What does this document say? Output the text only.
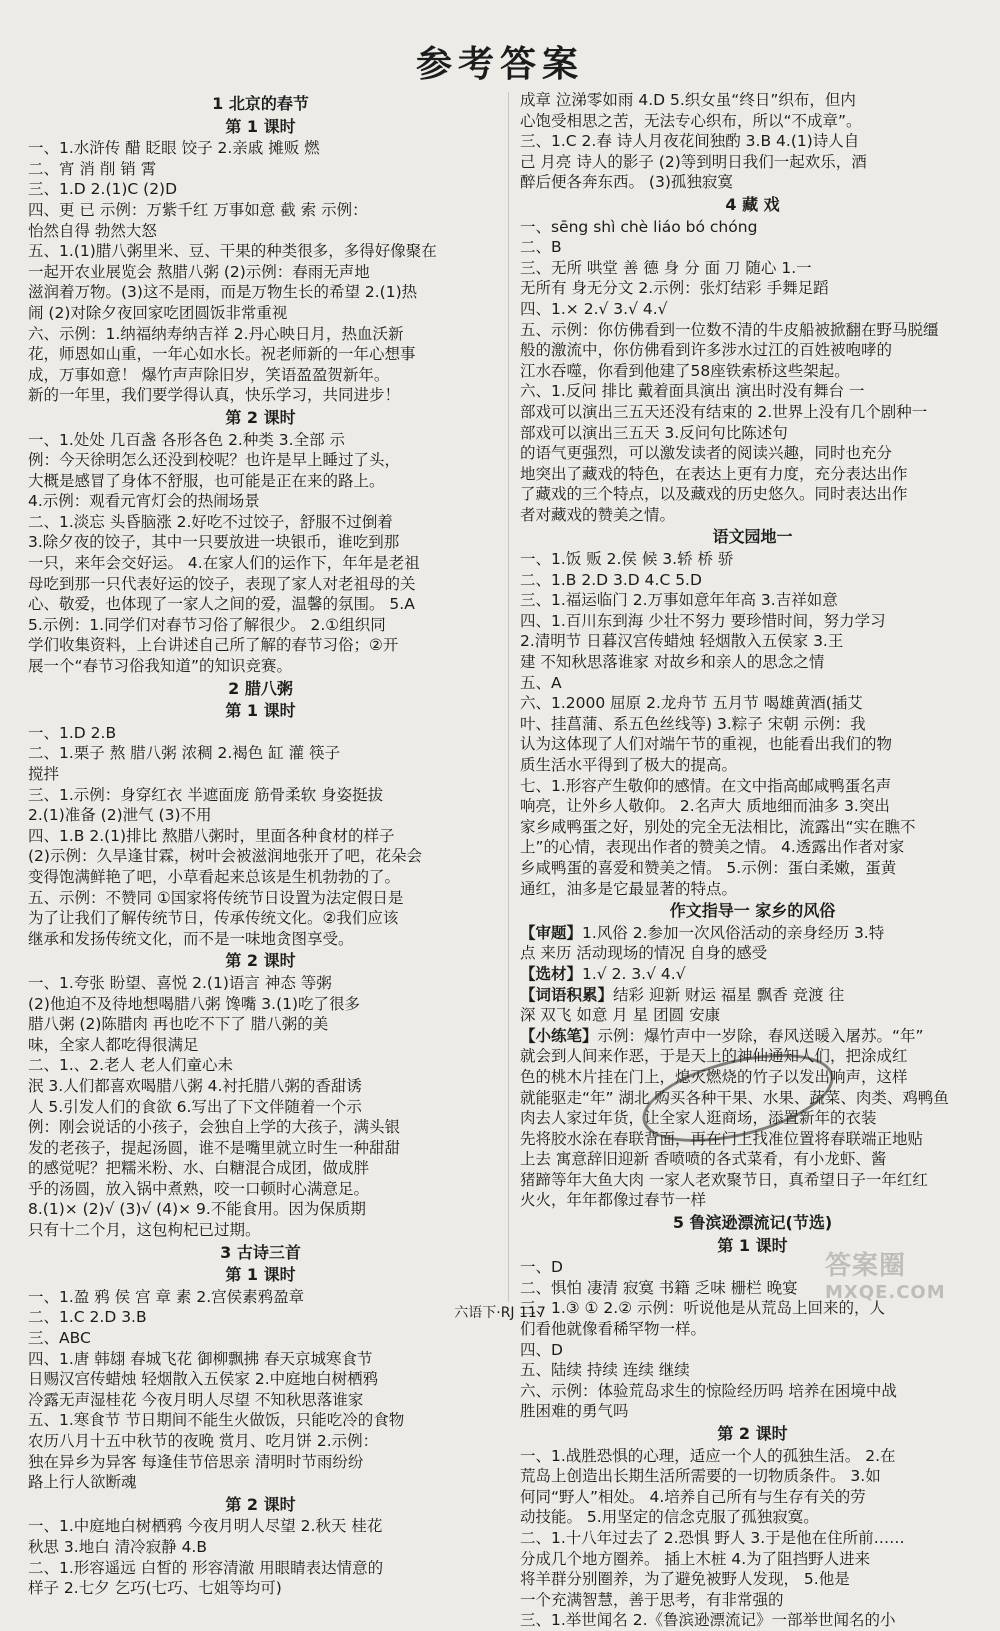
参考答案
1 北京的春节
第 1 课时
一、1.水浒传 醋 眨眼 饺子 2.亲戚 摊贩 燃
二、宵 消 削 销 霄
三、1.D 2.(1)C (2)D
四、更 已 示例：万紫千红 万事如意 截 索 示例：
怡然自得 勃然大怒
五、1.(1)腊八粥里米、豆、干果的种类很多，多得好像聚在
一起开农业展览会 熬腊八粥 (2)示例：春雨无声地
滋润着万物。(3)这不是雨，而是万物生长的希望 2.(1)热
闹 (2)对除夕夜回家吃团圆饭非常重视
六、示例：1.纳福纳寿纳吉祥 2.丹心映日月，热血沃新
花，师恩如山重，一年心如水长。祝老师新的一年心想事
成，万事如意！ 爆竹声声除旧岁，笑语盈盈贺新年。
新的一年里，我们要学得认真，快乐学习，共同进步！
第 2 课时
一、1.处处 几百盏 各形各色 2.种类 3.全部 示
例：今天徐明怎么还没到校呢？也许是早上睡过了头，
大概是感冒了身体不舒服，也可能是正在来的路上。
4.示例：观看元宵灯会的热闹场景
二、1.淡忘 头昏脑涨 2.好吃不过饺子，舒服不过倒着
3.除夕夜的饺子，其中一只要放进一块银币，谁吃到那
一只，来年会交好运。 4.在家人们的运作下，年年是老祖
母吃到那一只代表好运的饺子，表现了家人对老祖母的关
心、敬爱，也体现了一家人之间的爱，温馨的氛围。 5.A
5.示例：1.同学们对春节习俗了解很少。 2.①组织同
学们收集资料，上台讲述自己所了解的春节习俗；②开
展一个“春节习俗我知道”的知识竞赛。
2 腊八粥
第 1 课时
一、1.D 2.B
二、1.栗子 熬 腊八粥 浓稠 2.褐色 缸 灌 筷子
搅拌
三、1.示例：身穿红衣 半遮面庞 筋骨柔软 身姿挺拔
2.(1)准备 (2)泄气 (3)不用
四、1.B 2.(1)排比 熬腊八粥时，里面各种食材的样子
(2)示例：久旱逢甘霖，树叶会被滋润地张开了吧，花朵会
变得饱满鲜艳了吧，小草看起来总该是生机勃勃的了。
五、示例：不赞同 ①国家将传统节日设置为法定假日是
为了让我们了解传统节日，传承传统文化。②我们应该
继承和发扬传统文化，而不是一味地贪图享受。
第 2 课时
一、1.夸张 盼望、喜悦 2.(1)语言 神态 等粥
(2)他迫不及待地想喝腊八粥 馋嘴 3.(1)吃了很多
腊八粥 (2)陈腊肉 再也吃不下了 腊八粥的美
味，全家人都吃得很满足
二、1.、2.老人 老人们童心未
泯 3.人们都喜欢喝腊八粥 4.衬托腊八粥的香甜诱
人 5.引发人们的食欲 6.写出了下文伴随着一个示
例：刚会说话的小孩子，会独自上学的大孩子，满头银
发的老孩子，提起汤圆，谁不是嘴里就立时生一种甜甜
的感觉呢？把糯米粉、水、白糖混合成团，做成胖
乎的汤圆，放入锅中煮熟，咬一口顿时心满意足。
8.(1)× (2)√ (3)√ (4)× 9.不能食用。因为保质期
只有十二个月，这包枸杞已过期。
3 古诗三首
第 1 课时
一、1.盈 鸦 侯 宫 章 素 2.宫侯素鸦盈章
二、1.C 2.D 3.B
三、ABC
四、1.唐 韩翃 春城飞花 御柳飘拂 春天京城寒食节
日赐汉宫传蜡烛 轻烟散入五侯家 2.中庭地白树栖鸦
冷露无声湿桂花 今夜月明人尽望 不知秋思落谁家
五、1.寒食节 节日期间不能生火做饭，只能吃冷的食物
农历八月十五中秋节的夜晚 赏月、吃月饼 2.示例：
独在异乡为异客 每逢佳节倍思亲 清明时节雨纷纷
路上行人欲断魂
第 2 课时
一、1.中庭地白树栖鸦 今夜月明人尽望 2.秋天 桂花
秋思 3.地白 清冷寂静 4.B
二、1.形容遥远 白皙的 形容清澈 用眼睛表达情意的
样子 2.七夕 乞巧(七巧、七姐等均可)
成章 泣涕零如雨 4.D 5.织女虽“终日”织布，但内
心饱受相思之苦，无法专心织布，所以“不成章”。
三、1.C 2.春 诗人月夜花间独酌 3.B 4.(1)诗人自
己 月亮 诗人的影子 (2)等到明日我们一起欢乐，酒
醉后便各奔东西。 (3)孤独寂寞
4 藏 戏
一、sēng shì chè liáo bó chóng
二、B
三、无所 哄堂 善 德 身 分 面 刀 随心 1.一
无所有 身无分文 2.示例：张灯结彩 手舞足蹈
四、1.× 2.√ 3.√ 4.√
五、示例：你仿佛看到一位数不清的牛皮船被掀翻在野马脱缰
般的激流中，你仿佛看到许多涉水过江的百姓被咆哮的
江水吞噬，你看到他建了58座铁索桥这些架起。
六、1.反问 排比 戴着面具演出 演出时没有舞台 一
部戏可以演出三五天还没有结束的 2.世界上没有几个剧种一
部戏可以演出三五天 3.反问句比陈述句
的语气更强烈，可以激发读者的阅读兴趣，同时也充分
地突出了藏戏的特色，在表达上更有力度，充分表达出作
了藏戏的三个特点，以及藏戏的历史悠久。同时表达出作
者对藏戏的赞美之情。
语文园地一
一、1.饭 贩 2.侯 候 3.轿 桥 骄
二、1.B 2.D 3.D 4.C 5.D
三、1.福运临门 2.万事如意年年高 3.吉祥如意
四、1.百川东到海 少壮不努力 要珍惜时间，努力学习
2.清明节 日暮汉宫传蜡烛 轻烟散入五侯家 3.王
建 不知秋思落谁家 对故乡和亲人的思念之情
五、A
六、1.2000 屈原 2.龙舟节 五月节 喝雄黄酒(插艾
叶、挂菖蒲、系五色丝线等) 3.粽子 宋朝 示例：我
认为这体现了人们对端午节的重视，也能看出我们的物
质生活水平得到了极大的提高。
七、1.形容产生敬仰的感情。在文中指高邮咸鸭蛋名声
响亮，让外乡人敬仰。 2.名声大 质地细而油多 3.突出
家乡咸鸭蛋之好，别处的完全无法相比，流露出“实在瞧不
上”的心情，表现出作者的赞美之情。 4.透露出作者对家
乡咸鸭蛋的喜爱和赞美之情。 5.示例：蛋白柔嫩，蛋黄
通红，油多是它最显著的特点。
作文指导一 家乡的风俗
【审题】1.风俗 2.参加一次风俗活动的亲身经历 3.特
点 来历 活动现场的情况 自身的感受
【选材】1.√ 2. 3.√ 4.√
【词语积累】结彩 迎新 财运 福星 飘香 竞渡 往
深 双飞 如意 月 星 团圆 安康
【小练笔】示例：爆竹声中一岁除，春风送暖入屠苏。“年”
就会到人间来作恶，于是天上的神仙通知人们，把涂成红
色的桃木片挂在门上，熄灭燃烧的竹子以发出响声，这样
就能驱走“年” 湖北 购买各种干果、水果、蔬菜、肉类、鸡鸭鱼
肉去人家过年货，让全家人逛商场，添置新年的衣装
先将胶水涂在春联背面，再在门上找准位置将春联端正地贴
上去 寓意辞旧迎新 香喷喷的各式菜肴，有小龙虾、酱
猪蹄等年大鱼大肉 一家人老欢聚节日，真希望日子一年红红
火火，年年都像过春节一样
5 鲁滨逊漂流记(节选)
第 1 课时
一、D
二、惧怕 凄清 寂寞 书籍 乏味 栅栏 晚宴
三、1.③ ① 2.② 示例：听说他是从荒岛上回来的，人
们看他就像看稀罕物一样。
四、D
五、陆续 持续 连续 继续
六、示例：体验荒岛求生的惊险经历吗 培养在困境中战
胜困难的勇气吗
第 2 课时
一、1.战胜恐惧的心理，适应一个人的孤独生活。 2.在
荒岛上创造出长期生活所需要的一切物质条件。 3.如
何同“野人”相处。 4.培养自己所有与生存有关的劳
动技能。 5.用坚定的信念克服了孤独寂寞。
二、1.十八年过去了 2.恐惧 野人 3.于是他在住所前……
分成几个地方圈养。 插上木桩 4.为了阻挡野人进来
将羊群分别圈养，为了避免被野人发现， 5.他是
一个充满智慧，善于思考，有非常强的
三、1.举世闻名 2.《鲁滨逊漂流记》一部举世闻名的小
答案圈
MXQE.COM
六语下·RJ 117
